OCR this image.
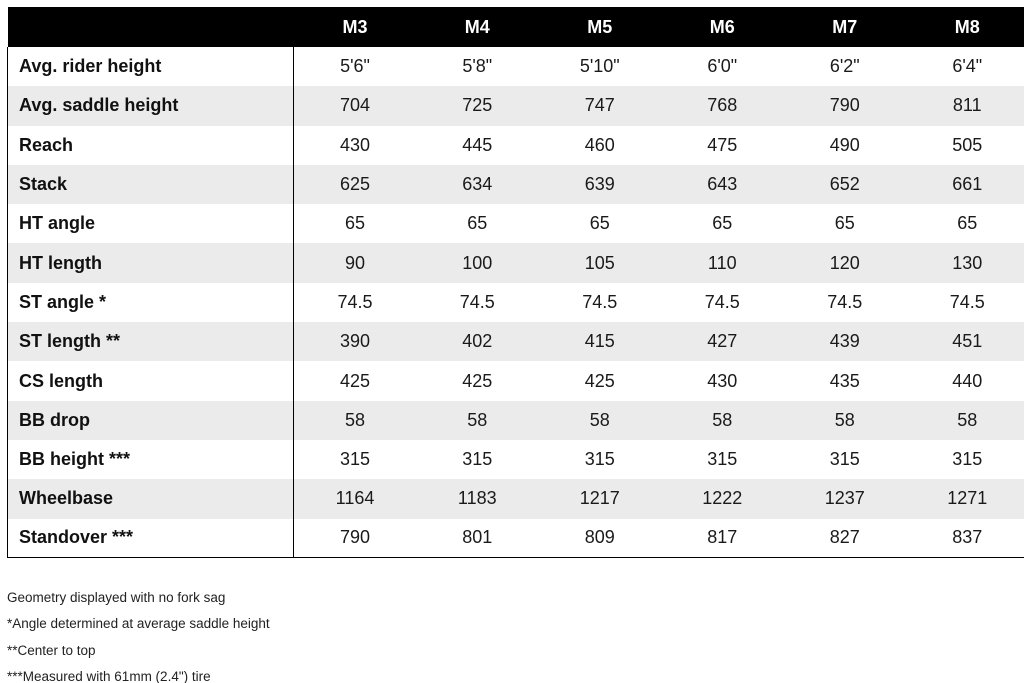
	M3	M4	M5	M6	M7	M8
Avg. rider height	5'6"	5'8"	5'10"	6'0"	6'2"	6'4"
Avg. saddle height	704	725	747	768	790	811
Reach	430	445	460	475	490	505
Stack	625	634	639	643	652	661
HT angle	65	65	65	65	65	65
HT length	90	100	105	110	120	130
ST angle *	74.5	74.5	74.5	74.5	74.5	74.5
ST length **	390	402	415	427	439	451
CS length	425	425	425	430	435	440
BB drop	58	58	58	58	58	58
BB height ***	315	315	315	315	315	315
Wheelbase	1164	1183	1217	1222	1237	1271
Standover ***	790	801	809	817	827	837

Geometry displayed with no fork sag

*Angle determined at average saddle height

**Center to top

***Measured with 61mm (2.4") tire
